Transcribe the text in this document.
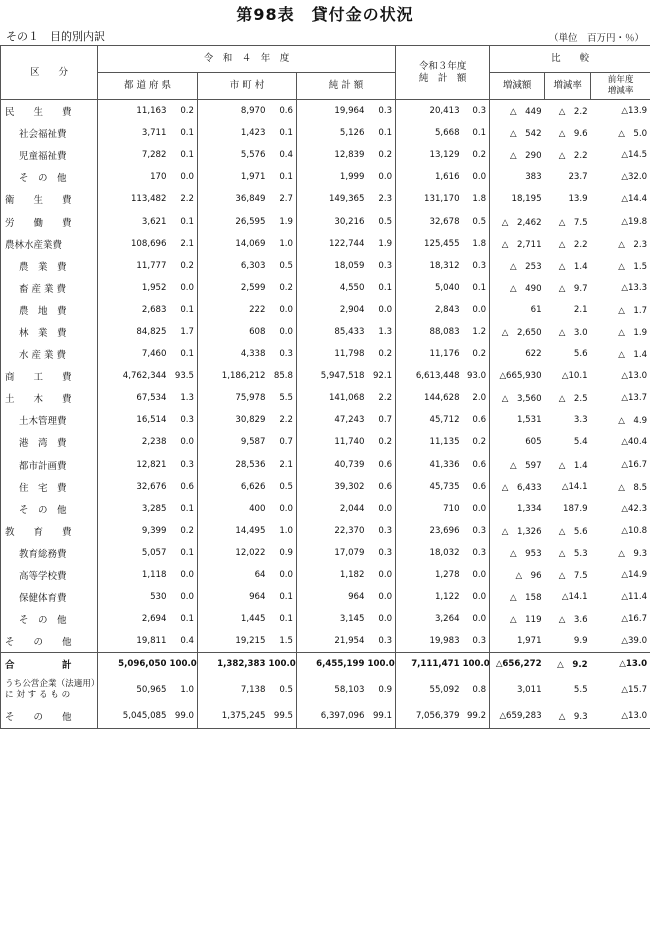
第98表　貸付金の状況
その１　目的別内訳	（単位　百万円・％）
区　　分	令　和　４　年　度						令和３年度
純　計　額		比　　較		
	都 道 府 県		市 町 村		純 計 額				増減額	増減率	前年度
増減率

民　　生　　費	11,163	0.2	8,970	0.6	19,964	0.3	20,413	0.3	△　449	△　2.2	△13.9

社会福祉費	3,711	0.1	1,423	0.1	5,126	0.1	5,668	0.1	△　542	△　9.6	△　5.0

児童福祉費	7,282	0.1	5,576	0.4	12,839	0.2	13,129	0.2	△　290	△　2.2	△14.5

そ　の　他	170	0.0	1,971	0.1	1,999	0.0	1,616	0.0	383	23.7	△32.0

衛　　生　　費	113,482	2.2	36,849	2.7	149,365	2.3	131,170	1.8	18,195	13.9	△14.4

労　　働　　費	3,621	0.1	26,595	1.9	30,216	0.5	32,678	0.5	△　2,462	△　7.5	△19.8

農林水産業費	108,696	2.1	14,069	1.0	122,744	1.9	125,455	1.8	△　2,711	△　2.2	△　2.3

農　業　費	11,777	0.2	6,303	0.5	18,059	0.3	18,312	0.3	△　253	△　1.4	△　1.5

畜 産 業 費	1,952	0.0	2,599	0.2	4,550	0.1	5,040	0.1	△　490	△　9.7	△13.3

農　地　費	2,683	0.1	222	0.0	2,904	0.0	2,843	0.0	61	2.1	△　1.7

林　業　費	84,825	1.7	608	0.0	85,433	1.3	88,083	1.2	△　2,650	△　3.0	△　1.9

水 産 業 費	7,460	0.1	4,338	0.3	11,798	0.2	11,176	0.2	622	5.6	△　1.4

商　　工　　費	4,762,344	93.5	1,186,212	85.8	5,947,518	92.1	6,613,448	93.0	△665,930	△10.1	△13.0

土　　木　　費	67,534	1.3	75,978	5.5	141,068	2.2	144,628	2.0	△　3,560	△　2.5	△13.7

土木管理費	16,514	0.3	30,829	2.2	47,243	0.7	45,712	0.6	1,531	3.3	△　4.9

港　湾　費	2,238	0.0	9,587	0.7	11,740	0.2	11,135	0.2	605	5.4	△40.4

都市計画費	12,821	0.3	28,536	2.1	40,739	0.6	41,336	0.6	△　597	△　1.4	△16.7

住　宅　費	32,676	0.6	6,626	0.5	39,302	0.6	45,735	0.6	△　6,433	△14.1	△　8.5

そ　の　他	3,285	0.1	400	0.0	2,044	0.0	710	0.0	1,334	187.9	△42.3

教　　育　　費	9,399	0.2	14,495	1.0	22,370	0.3	23,696	0.3	△　1,326	△　5.6	△10.8

教育総務費	5,057	0.1	12,022	0.9	17,079	0.3	18,032	0.3	△　953	△　5.3	△　9.3

高等学校費	1,118	0.0	64	0.0	1,182	0.0	1,278	0.0	△　96	△　7.5	△14.9

保健体育費	530	0.0	964	0.1	964	0.0	1,122	0.0	△　158	△14.1	△11.4

そ　の　他	2,694	0.1	1,445	0.1	3,145	0.0	3,264	0.0	△　119	△　3.6	△16.7

そ　　の　　他	19,811	0.4	19,215	1.5	21,954	0.3	19,983	0.3	1,971	9.9	△39.0

合　　　　　計	5,096,050	100.0	1,382,383	100.0	6,455,199	100.0	7,111,471	100.0	△656,272	△　9.2	△13.0

うち公営企業（法適用）
に 対 す る も の	50,965	1.0	7,138	0.5	58,103	0.9	55,092	0.8	3,011	5.5	△15.7

そ　　の　　他	5,045,085	99.0	1,375,245	99.5	6,397,096	99.1	7,056,379	99.2	△659,283	△　9.3	△13.0
